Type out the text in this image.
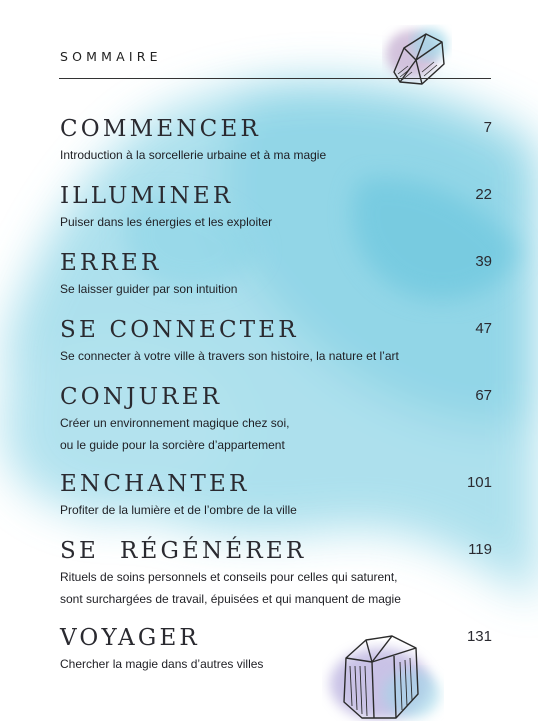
SOMMAIRE
COMMENCER	7
Introduction à la sorcellerie urbaine et à ma magie
ILLUMINER	22
Puiser dans les énergies et les exploiter
ERRER	39
Se laisser guider par son intuition
SE CONNECTER	47
Se connecter à votre ville à travers son histoire, la nature et l’art
CONJURER	67
Créer un environnement magique chez soi,
ou le guide pour la sorcière d’appartement
ENCHANTER	101
Profiter de la lumière et de l’ombre de la ville
SE  RÉGÉNÉRER	119
Rituels de soins personnels et conseils pour celles qui saturent,
sont surchargées de travail, épuisées et qui manquent de magie
VOYAGER	131
Chercher la magie dans d’autres villes
